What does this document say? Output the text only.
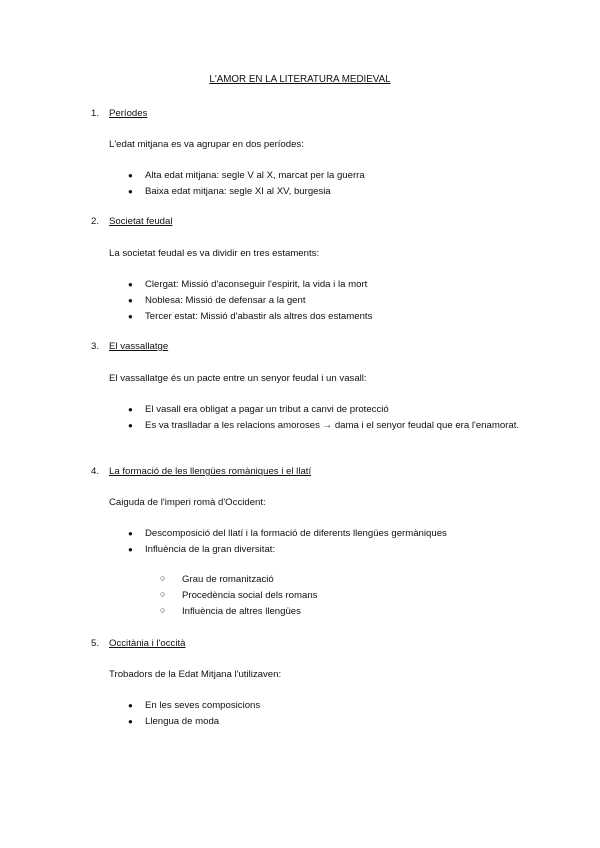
L'AMOR EN LA LITERATURA MEDIEVAL
1. Períodes
L'edat mitjana es va agrupar en dos períodes:
● Alta edat mitjana: segle V al X, marcat per la guerra
● Baixa edat mitjana: segle XI al XV, burgesia
2. Societat feudal
La societat feudal es va dividir en tres estaments:
● Clergat: Missió d'aconseguir l'espirit, la vida i la mort
● Noblesa: Missió de defensar a la gent
● Tercer estat: Missió d'abastir als altres dos estaments
3. El vassallatge
El vassallatge és un pacte entre un senyor feudal i un vasall:
● El vasall era obligat a pagar un tribut a canvi de protecció
● Es va traslladar a les relacions amoroses → dama i el senyor feudal que era l'enamorat.
4. La formació de les llengües romàniques i el llatí
Caiguda de l'imperi romà d'Occident:
● Descomposició del llatí i la formació de diferents llengües germàniques
● Influència de la gran diversitat:
○ Grau de romanització
○ Procedència social dels romans
○ Influència de altres llengües
5. Occitània i l'occità
Trobadors de la Edat Mitjana l'utilizaven:
● En les seves composicions
● Llengua de moda
